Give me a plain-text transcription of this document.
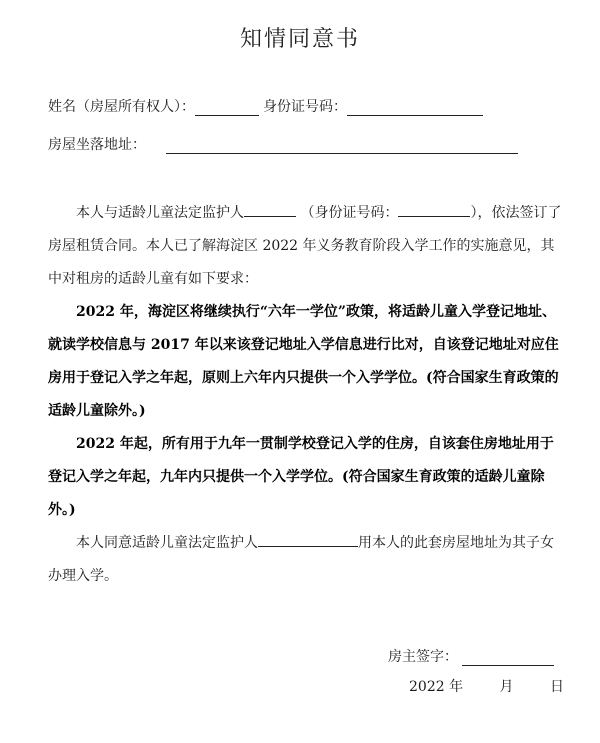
知情同意书
姓名（房屋所有权人）：	身份证号码：
房屋坐落地址：

本人与适龄儿童法定监护人	（身份证号码：	），依法签订了房屋租赁合同。本人已了解海淀区 2022 年义务教育阶段入学工作的实施意见，其中对租房的适龄儿童有如下要求：

2022 年，海淀区将继续执行“六年一学位”政策，将适龄儿童入学登记地址、就读学校信息与 2017 年以来该登记地址入学信息进行比对，自该登记地址对应住房用于登记入学之年起，原则上六年内只提供一个入学学位。(符合国家生育政策的适龄儿童除外。)

2022 年起，所有用于九年一贯制学校登记入学的住房，自该套住房地址用于登记入学之年起，九年内只提供一个入学学位。(符合国家生育政策的适龄儿童除外。)

本人同意适龄儿童法定监护人	用本人的此套房屋地址为其子女办理入学。

房主签字：
2022 年	月	日
